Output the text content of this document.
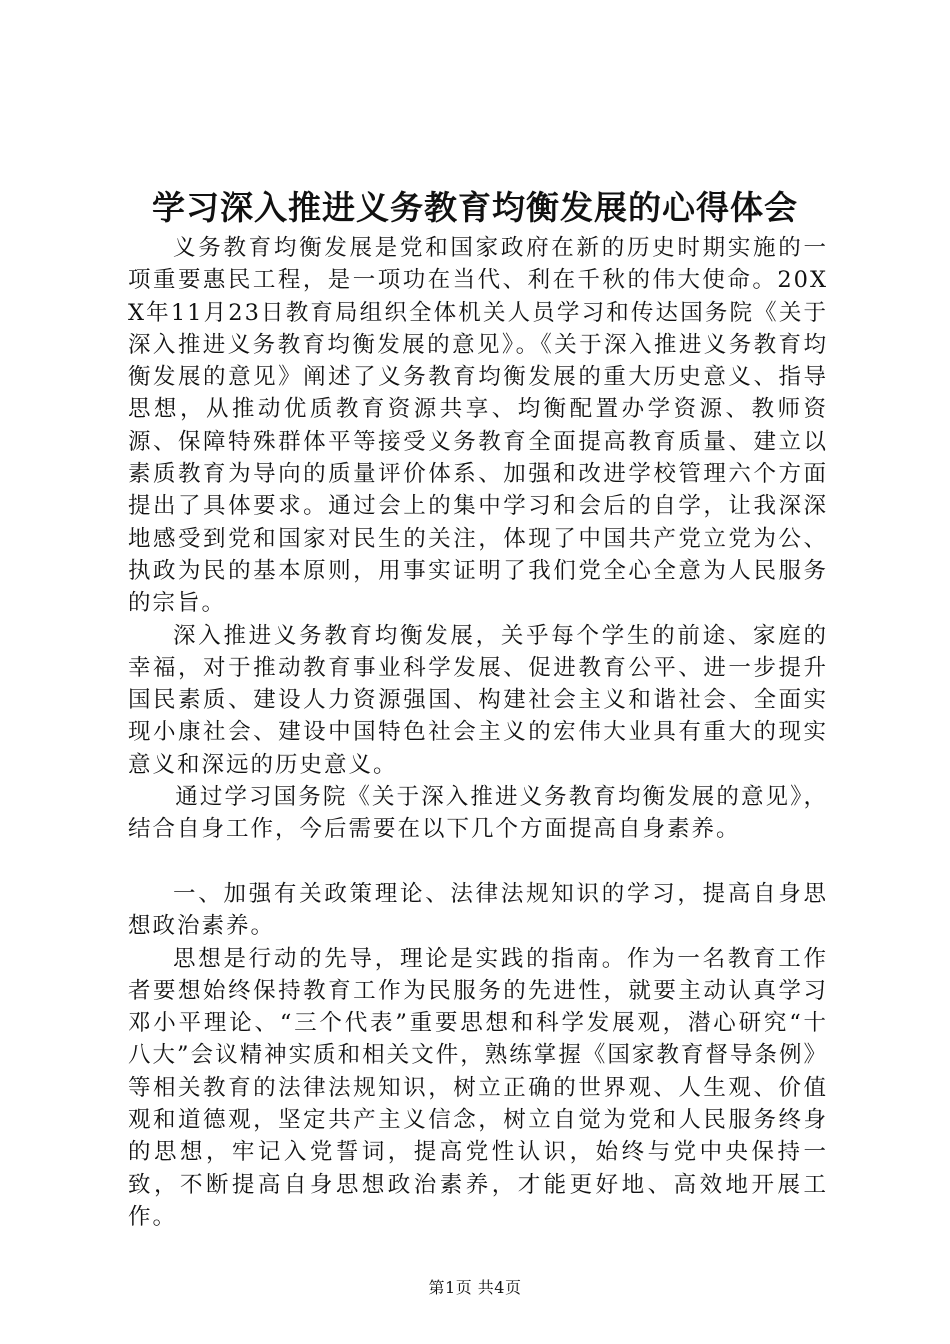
学习深入推进义务教育均衡发展的心得体会

义务教育均衡发展是党和国家政府在新的历史时期实施的一项重要惠民工程，是一项功在当代、利在千秋的伟大使命。20XX年11月23日教育局组织全体机关人员学习和传达国务院《关于深入推进义务教育均衡发展的意见》。《关于深入推进义务教育均衡发展的意见》阐述了义务教育均衡发展的重大历史意义、指导思想，从推动优质教育资源共享、均衡配置办学资源、教师资源、保障特殊群体平等接受义务教育全面提高教育质量、建立以素质教育为导向的质量评价体系、加强和改进学校管理六个方面提出了具体要求。通过会上的集中学习和会后的自学，让我深深地感受到党和国家对民生的关注，体现了中国共产党立党为公、执政为民的基本原则，用事实证明了我们党全心全意为人民服务的宗旨。

深入推进义务教育均衡发展，关乎每个学生的前途、家庭的幸福，对于推动教育事业科学发展、促进教育公平、进一步提升国民素质、建设人力资源强国、构建社会主义和谐社会、全面实现小康社会、建设中国特色社会主义的宏伟大业具有重大的现实意义和深远的历史意义。

通过学习国务院《关于深入推进义务教育均衡发展的意见》，结合自身工作，今后需要在以下几个方面提高自身素养。

一、加强有关政策理论、法律法规知识的学习，提高自身思想政治素养。

思想是行动的先导，理论是实践的指南。作为一名教育工作者要想始终保持教育工作为民服务的先进性，就要主动认真学习邓小平理论、“三个代表”重要思想和科学发展观，潜心研究“十八大”会议精神实质和相关文件，熟练掌握《国家教育督导条例》等相关教育的法律法规知识，树立正确的世界观、人生观、价值观和道德观，坚定共产主义信念，树立自觉为党和人民服务终身的思想，牢记入党誓词，提高党性认识，始终与党中央保持一致，不断提高自身思想政治素养，才能更好地、高效地开展工作。

第1页 共4页
